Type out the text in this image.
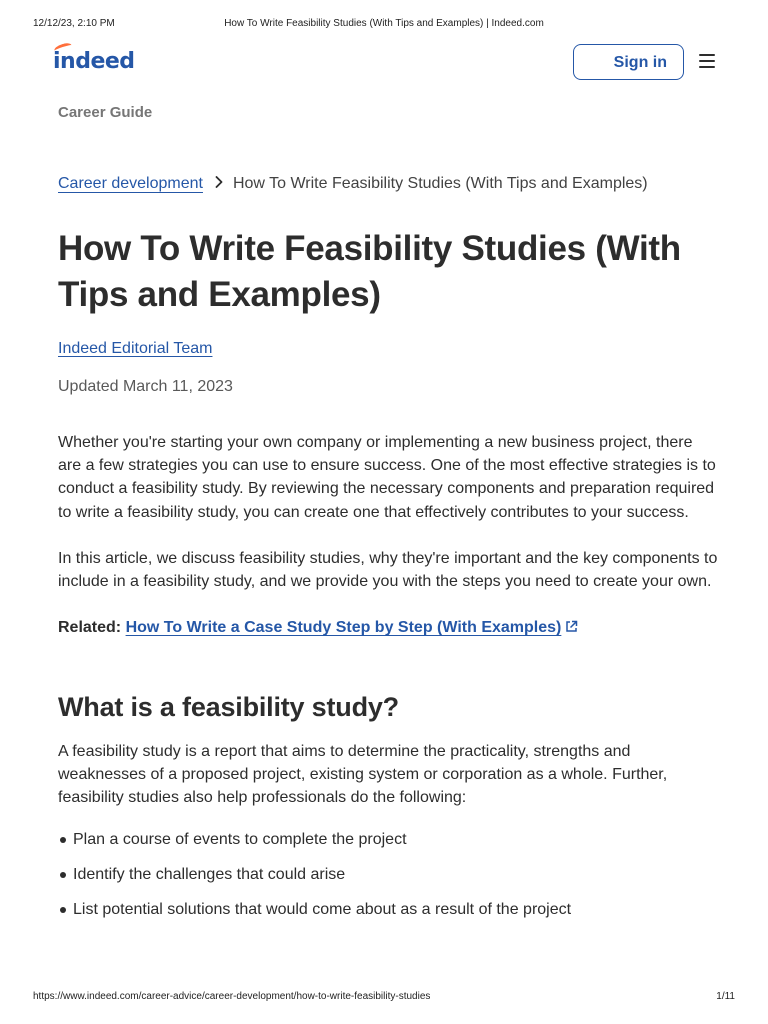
12/12/23, 2:10 PM	How To Write Feasibility Studies (With Tips and Examples) | Indeed.com
indeed	Sign in
Career Guide
Career development How To Write Feasibility Studies (With Tips and Examples)
How To Write Feasibility Studies (With Tips and Examples)
Indeed Editorial Team
Updated March 11, 2023

Whether you're starting your own company or implementing a new business project, there are a few strategies you can use to ensure success. One of the most effective strategies is to conduct a feasibility study. By reviewing the necessary components and preparation required to write a feasibility study, you can create one that effectively contributes to your success.

In this article, we discuss feasibility studies, why they're important and the key components to include in a feasibility study, and we provide you with the steps you need to create your own.

Related: How To Write a Case Study Step by Step (With Examples)
What is a feasibility study?

A feasibility study is a report that aims to determine the practicality, strengths and weaknesses of a proposed project, existing system or corporation as a whole. Further, feasibility studies also help professionals do the following:

Plan a course of events to complete the project
Identify the challenges that could arise
List potential solutions that would come about as a result of the project
https://www.indeed.com/career-advice/career-development/how-to-write-feasibility-studies	1/11
